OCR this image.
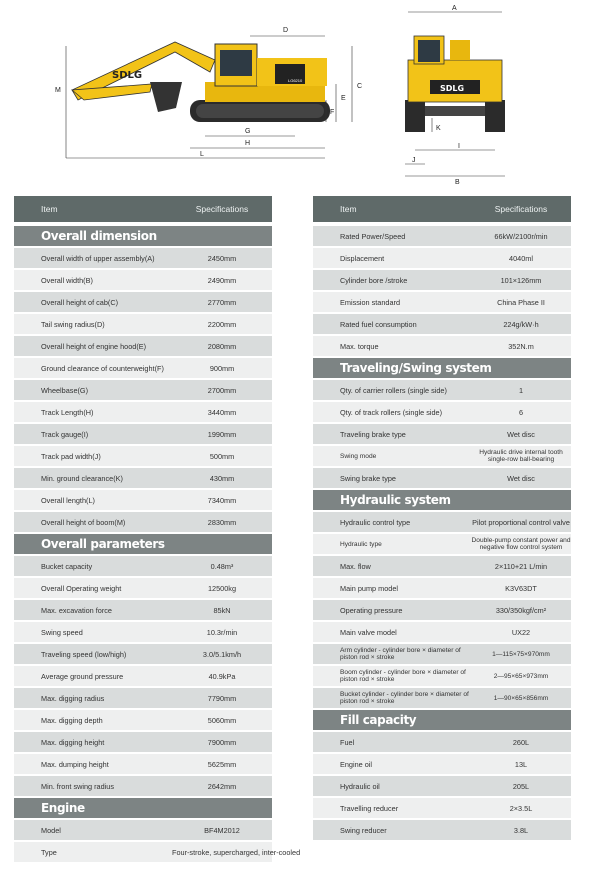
SDLG	LG6210
D
M
C
E
F
G
H
L
SDLG
A
K
I
J
B
Item	Specifications
Overall dimension
Overall width of upper assembly(A)	2450mm
Overall width(B)	2490mm
Overall height of cab(C)	2770mm
Tail swing radius(D)	2200mm
Overall height of engine hood(E)	2080mm
Ground clearance of counterweight(F)	900mm
Wheelbase(G)	2700mm
Track Length(H)	3440mm
Track gauge(I)	1990mm
Track pad width(J)	500mm
Min. ground clearance(K)	430mm
Overall length(L)	7340mm
Overall height of boom(M)	2830mm
Overall parameters
Bucket capacity	0.48m³
Overall Operating weight	12500kg
Max. excavation force	85kN
Swing speed	10.3r/min
Traveling speed (low/high)	3.0/5.1km/h
Average ground pressure	40.9kPa
Max. digging radius	7790mm
Max. digging depth	5060mm
Max. digging height	7900mm
Max. dumping height	5625mm
Min. front swing radius	2642mm
Engine
Model	BF4M2012
Type	Four-stroke, supercharged, inter-cooled
Item	Specifications
Rated Power/Speed	66kW/2100r/min
Displacement	4040ml
Cylinder bore /stroke	101×126mm
Emission standard	China Phase II
Rated fuel consumption	224g/kW·h
Max. torque	352N.m
Traveling/Swing system
Qty. of carrier rollers (single side)	1
Qty. of track rollers (single side)	6
Traveling brake type	Wet disc
Swing mode	Hydraulic drive internal tooth single-row ball-bearing
Swing brake type	Wet disc
Hydraulic system
Hydraulic control type	Pilot proportional control valve
Hydraulic type	Double-pump constant power and negative flow control system
Max. flow	2×110+21 L/min
Main pump model	K3V63DT
Operating pressure	330/350kgf/cm²
Main valve model	UX22
Arm cylinder - cylinder bore × diameter of piston rod × stroke	1—115×75×970mm
Boom cylinder - cylinder bore × diameter of piston rod × stroke	2—95×65×973mm
Bucket cylinder - cylinder bore × diameter of piston rod × stroke	1—90×65×856mm
Fill capacity
Fuel	260L
Engine oil	13L
Hydraulic oil	205L
Travelling reducer	2×3.5L
Swing reducer	3.8L
